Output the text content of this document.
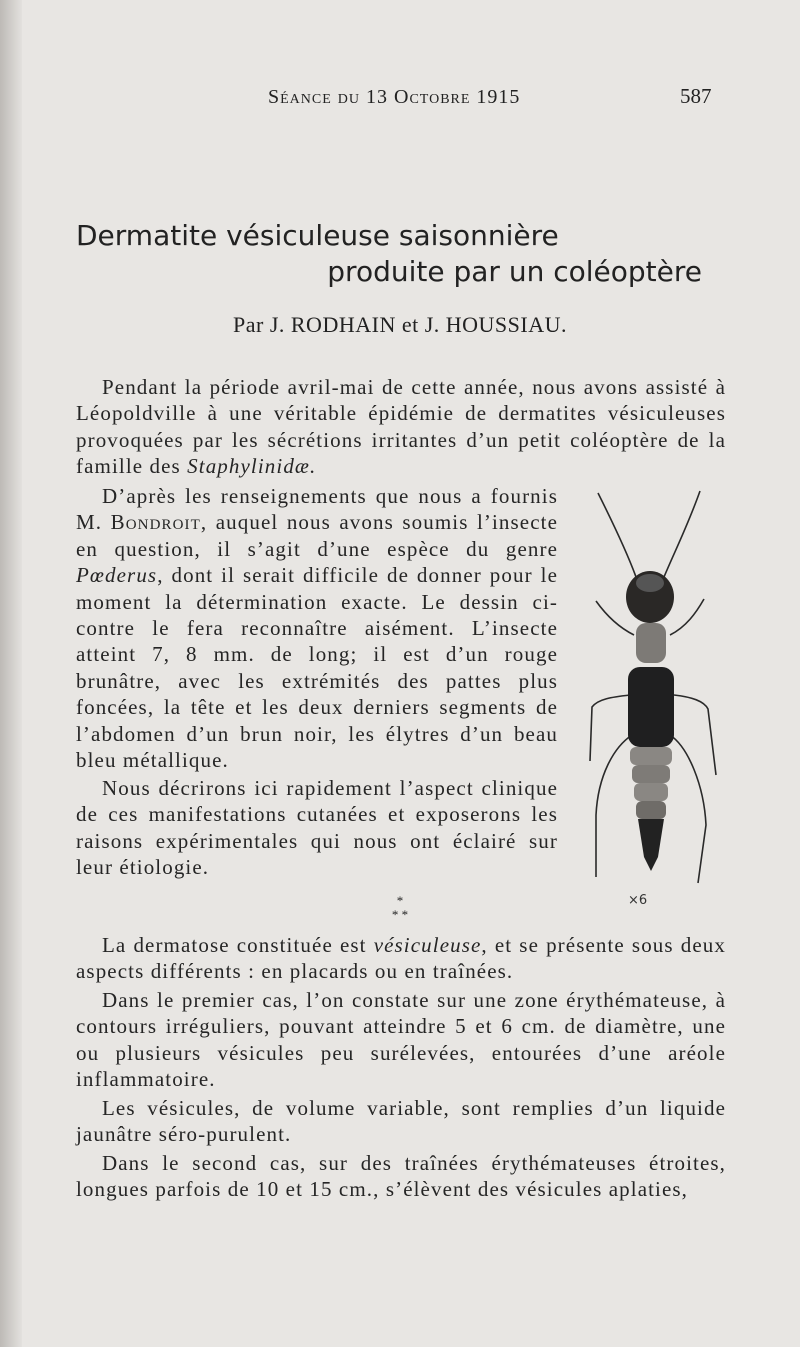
Séance du 13 Octobre 1915	587
Dermatite vésiculeuse saisonnière
produite par un coléoptère
Par J. RODHAIN et J. HOUSSIAU.
Pendant la période avril-mai de cette année, nous avons assisté à Léopoldville à une véritable épidémie de dermatites vésiculeuses provoquées par les sécrétions irritantes d’un petit coléoptère de la famille des Staphylinidæ.
D’après les renseignements que nous a fournis M. Bondroit, auquel nous avons soumis l’insecte en question, il s’agit d’une espèce du genre Pœderus, dont il serait difficile de donner pour le moment la détermination exacte. Le dessin ci-contre le fera reconnaître aisément. L’insecte atteint 7, 8 mm. de long; il est d’un rouge brunâtre, avec les extrémités des pattes plus foncées, la tête et les deux derniers segments de l’abdomen d’un brun noir, les élytres d’un beau bleu métallique.
Nous décrirons ici rapidement l’aspect clinique de ces manifestations cutanées et exposerons les raisons expérimentales qui nous ont éclairé sur leur étiologie.
×6
*
* *
La dermatose constituée est vésiculeuse, et se présente sous deux aspects différents : en placards ou en traînées.
Dans le premier cas, l’on constate sur une zone érythémateuse, à contours irréguliers, pouvant atteindre 5 et 6 cm. de diamètre, une ou plusieurs vésicules peu surélevées, entourées d’une aréole inflammatoire.
Les vésicules, de volume variable, sont remplies d’un liquide jaunâtre séro-purulent.
Dans le second cas, sur des traînées érythémateuses étroites, longues parfois de 10 et 15 cm., s’élèvent des vésicules aplaties,
